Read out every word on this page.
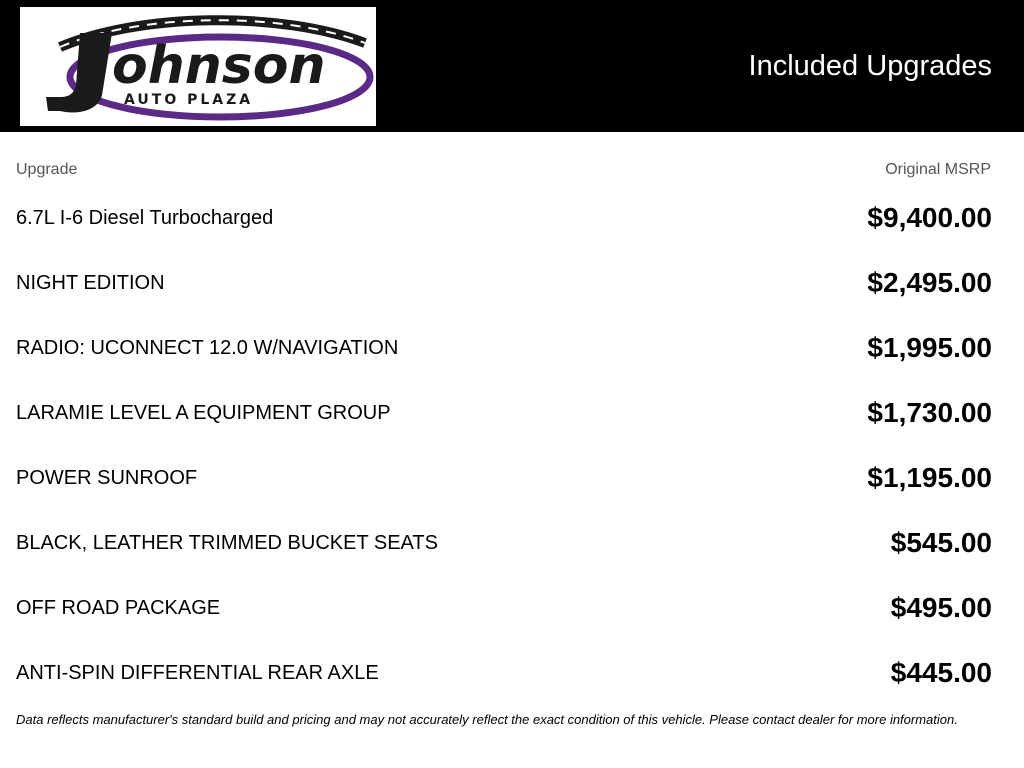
ohnson
AUTO PLAZA
Included Upgrades
Upgrade	Original MSRP
6.7L I-6 Diesel Turbocharged	$9,400.00
NIGHT EDITION	$2,495.00
RADIO: UCONNECT 12.0 W/NAVIGATION	$1,995.00
LARAMIE LEVEL A EQUIPMENT GROUP	$1,730.00
POWER SUNROOF	$1,195.00
BLACK, LEATHER TRIMMED BUCKET SEATS	$545.00
OFF ROAD PACKAGE	$495.00
ANTI-SPIN DIFFERENTIAL REAR AXLE	$445.00
Data reflects manufacturer's standard build and pricing and may not accurately reflect the exact condition of this vehicle. Please contact dealer for more information.
